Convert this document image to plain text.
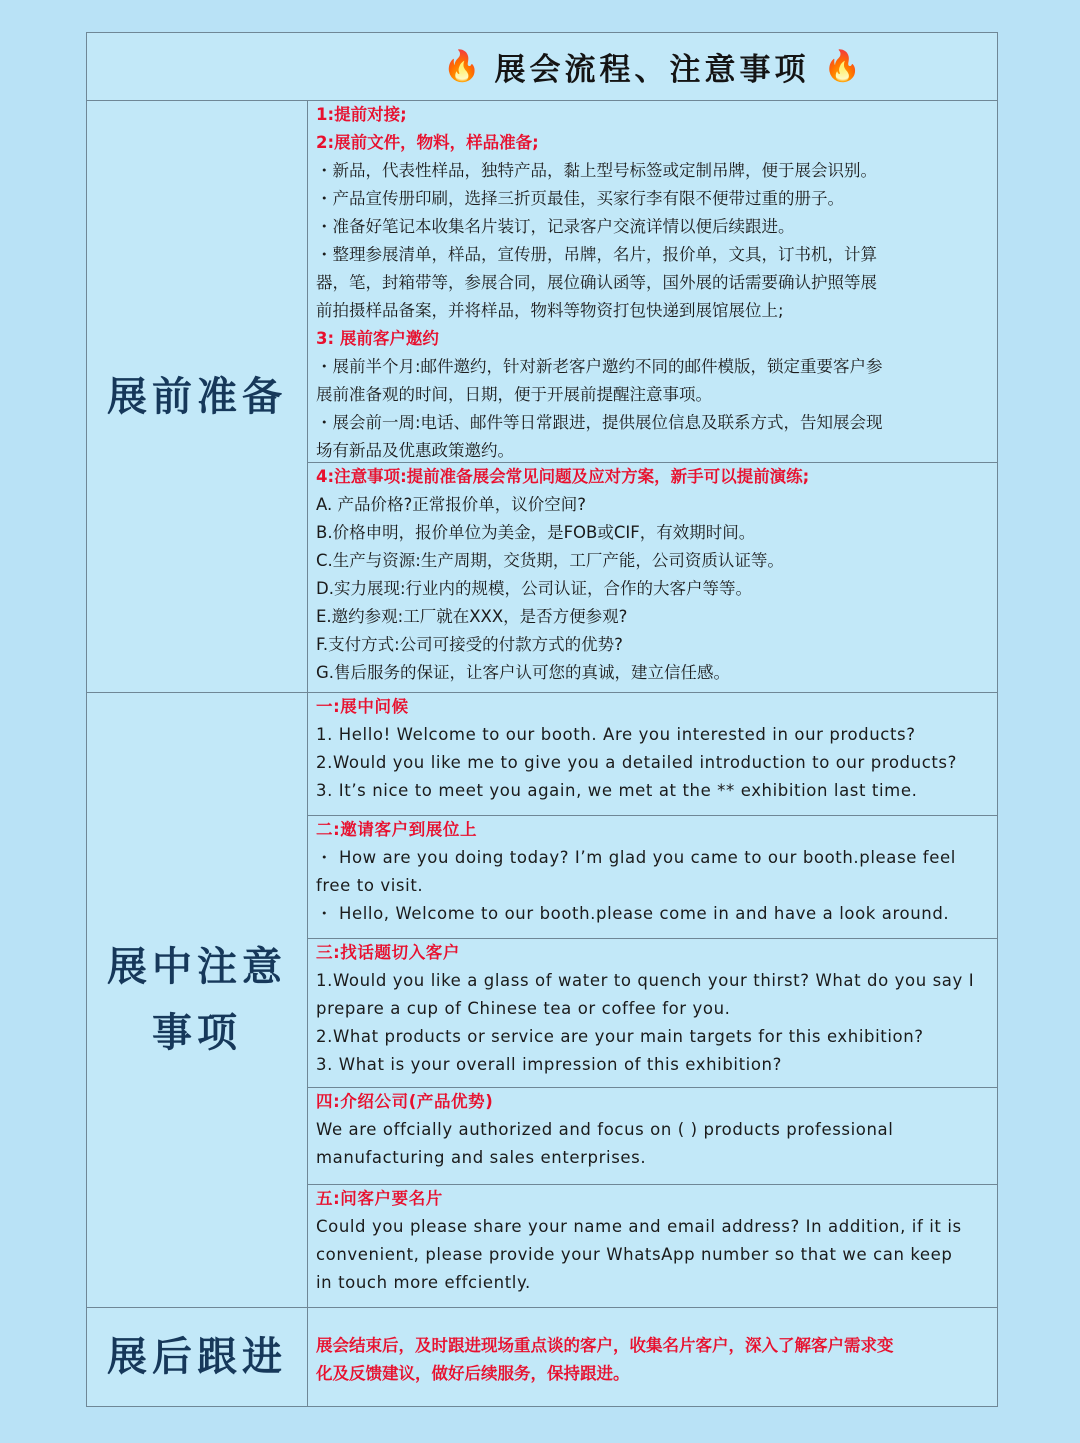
🔥 展会流程、注意事项 🔥
展前准备
1:提前对接;
2:展前文件，物料，样品准备;
・新品，代表性样品，独特产品，黏上型号标签或定制吊牌，便于展会识别。
・产品宣传册印刷，选择三折页最佳，买家行李有限不便带过重的册子。
・准备好笔记本收集名片装订，记录客户交流详情以便后续跟进。
・整理参展清单，样品，宣传册，吊牌，名片，报价单，文具，订书机，计算
器，笔，封箱带等，参展合同，展位确认函等，国外展的话需要确认护照等展
前拍摄样品备案，并将样品，物料等物资打包快递到展馆展位上;
3: 展前客户邀约
・展前半个月:邮件邀约，针对新老客户邀约不同的邮件模版，锁定重要客户参
展前准备观的时间，日期，便于开展前提醒注意事项。
・展会前一周:电话、邮件等日常跟进，提供展位信息及联系方式，告知展会现
场有新品及优惠政策邀约。
4:注意事项:提前准备展会常见问题及应对方案，新手可以提前演练;
A. 产品价格?正常报价单，议价空间?
B.价格申明，报价单位为美金，是FOB或CIF，有效期时间。
C.生产与资源:生产周期，交货期，工厂产能，公司资质认证等。
D.实力展现:行业内的规模，公司认证，合作的大客户等等。
E.邀约参观:工厂就在XXX，是否方便参观?
F.支付方式:公司可接受的付款方式的优势?
G.售后服务的保证，让客户认可您的真诚，建立信任感。
展中注意
事项
一:展中问候
1. Hello! Welcome to our booth. Are you interested in our products?
2.Would you like me to give you a detailed introduction to our products?
3. It’s nice to meet you again, we met at the ** exhibition last time.
二:邀请客户到展位上
・ How are you doing today? I’m glad you came to our booth.please feel
free to visit.
・ Hello, Welcome to our booth.please come in and have a look around.
三:找话题切入客户
1.Would you like a glass of water to quench your thirst? What do you say I
prepare a cup of Chinese tea or coffee for you.
2.What products or service are your main targets for this exhibition?
3. What is your overall impression of this exhibition?
四:介绍公司(产品优势)
We are offcially authorized and focus on ( ) products professional
manufacturing and sales enterprises.
五:问客户要名片
Could you please share your name and email address? In addition, if it is
convenient, please provide your WhatsApp number so that we can keep
in touch more effciently.
展后跟进	展会结束后，及时跟进现场重点谈的客户，收集名片客户，深入了解客户需求变
化及反馈建议，做好后续服务，保持跟进。
